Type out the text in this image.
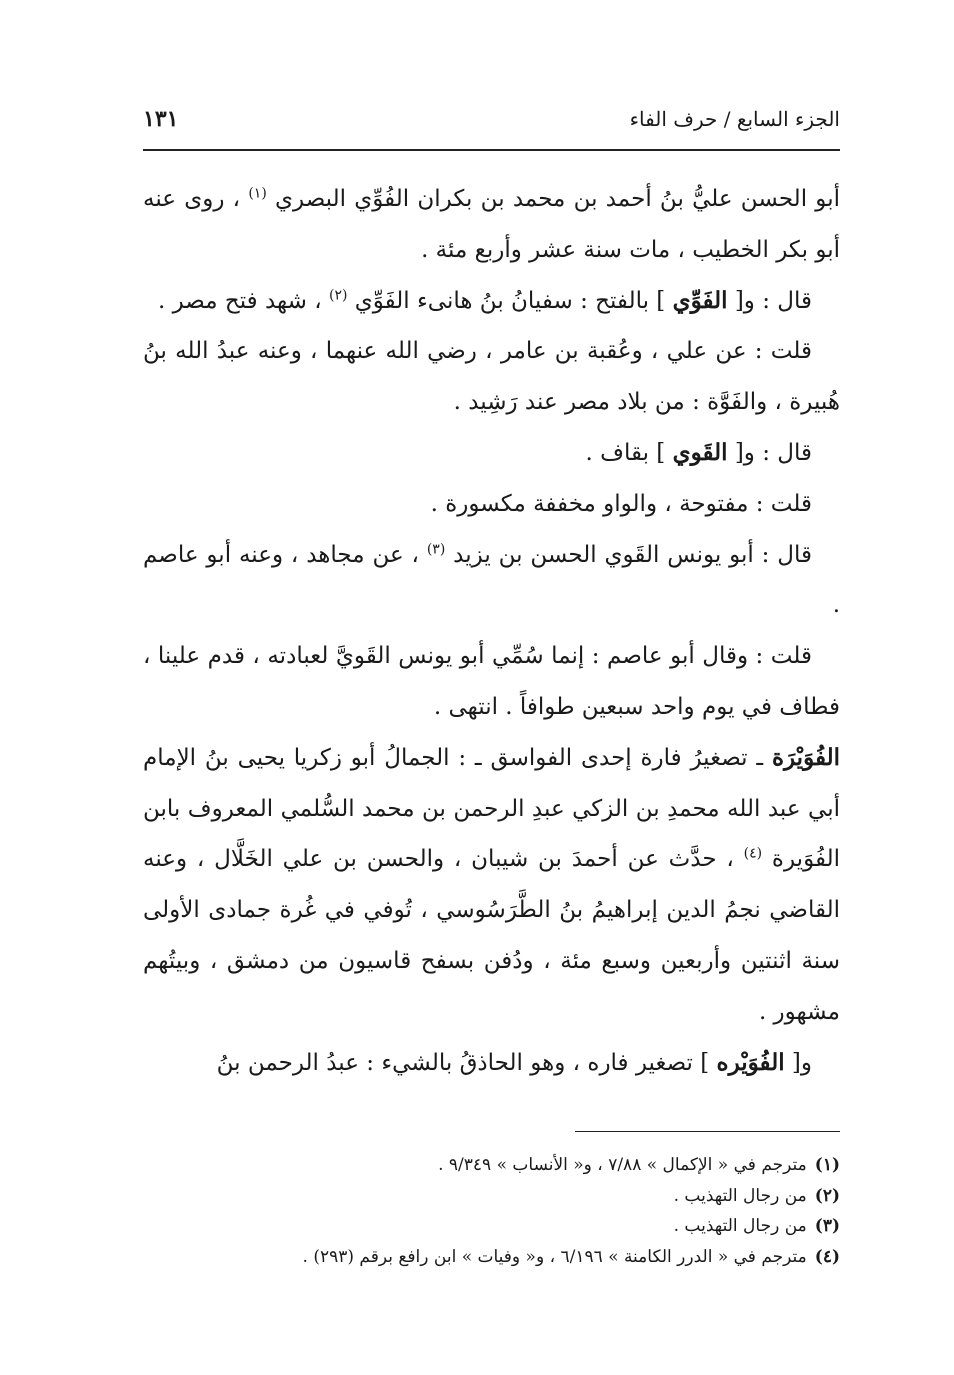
الجزء السابع / حرف الفاء
١٣١

أبو الحسن عليُّ بنُ أحمد بن محمد بن بكران الفُوِّي البصري $^{(١)}$ ، روى عنه أبو بكر الخطيب ، مات سنة عشر وأربع مئة .

قال : و[ الفَوِّي ] بالفتح : سفيانُ بنُ هانىء الفَوِّي $^{(٢)}$ ، شهد فتح مصر .

قلت : عن علي ، وعُقبة بن عامر ، رضي الله عنهما ، وعنه عبدُ الله بنُ هُبيرة ، والفَوَّة : من بلاد مصر عند رَشِيد .

قال : و[ القَوي ] بقاف .

قلت : مفتوحة ، والواو مخففة مكسورة .

قال : أبو يونس القَوي الحسن بن يزيد $^{(٣)}$ ، عن مجاهد ، وعنه أبو عاصم .

قلت : وقال أبو عاصم : إنما سُمِّي أبو يونس القَويَّ لعبادته ، قدم علينا ، فطاف في يوم واحد سبعين طوافاً . انتهى .

الفُوَيْرَة ـ تصغيرُ فارة إحدى الفواسق ـ : الجمالُ أبو زكريا يحيى بنُ الإمام أبي عبد الله محمدِ بن الزكي عبدِ الرحمن بن محمد السُّلمي المعروف بابن الفُوَيرة $^{(٤)}$ ، حدَّث عن أحمدَ بن شيبان ، والحسن بن علي الخَلَّال ، وعنه القاضي نجمُ الدين إبراهيمُ بنُ الطَّرَسُوسي ، تُوفي في غُرة جمادى الأولى سنة اثنتين وأربعين وسبع مئة ، ودُفن بسفح قاسيون من دمشق ، وبيتُهم مشهور .

و[ الفُوَيْره ] تصغير فاره ، وهو الحاذقُ بالشيء : عبدُ الرحمن بنُ

(١)مترجم في « الإكمال » ٧/٨٨ ، و« الأنساب » ٩/٣٤٩ .

(٢)من رجال التهذيب .

(٣)من رجال التهذيب .

(٤)مترجم في « الدرر الكامنة » ٦/١٩٦ ، و« وفيات » ابن رافع برقم (٢٩٣) .
